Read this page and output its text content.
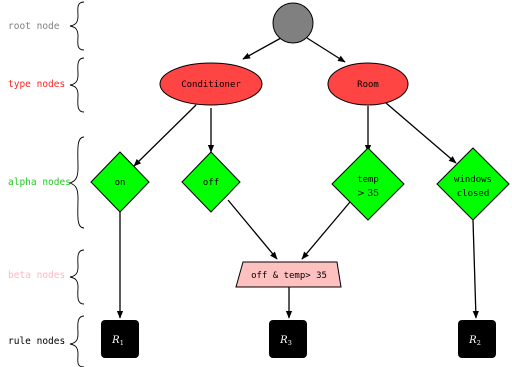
root node
type nodes
alpha nodes
beta nodes
rule nodes
Conditioner	Room
on	off	temp
> 35
windows
closed
off & temp> 35
$R_1$	$R_3$	$R_2$
